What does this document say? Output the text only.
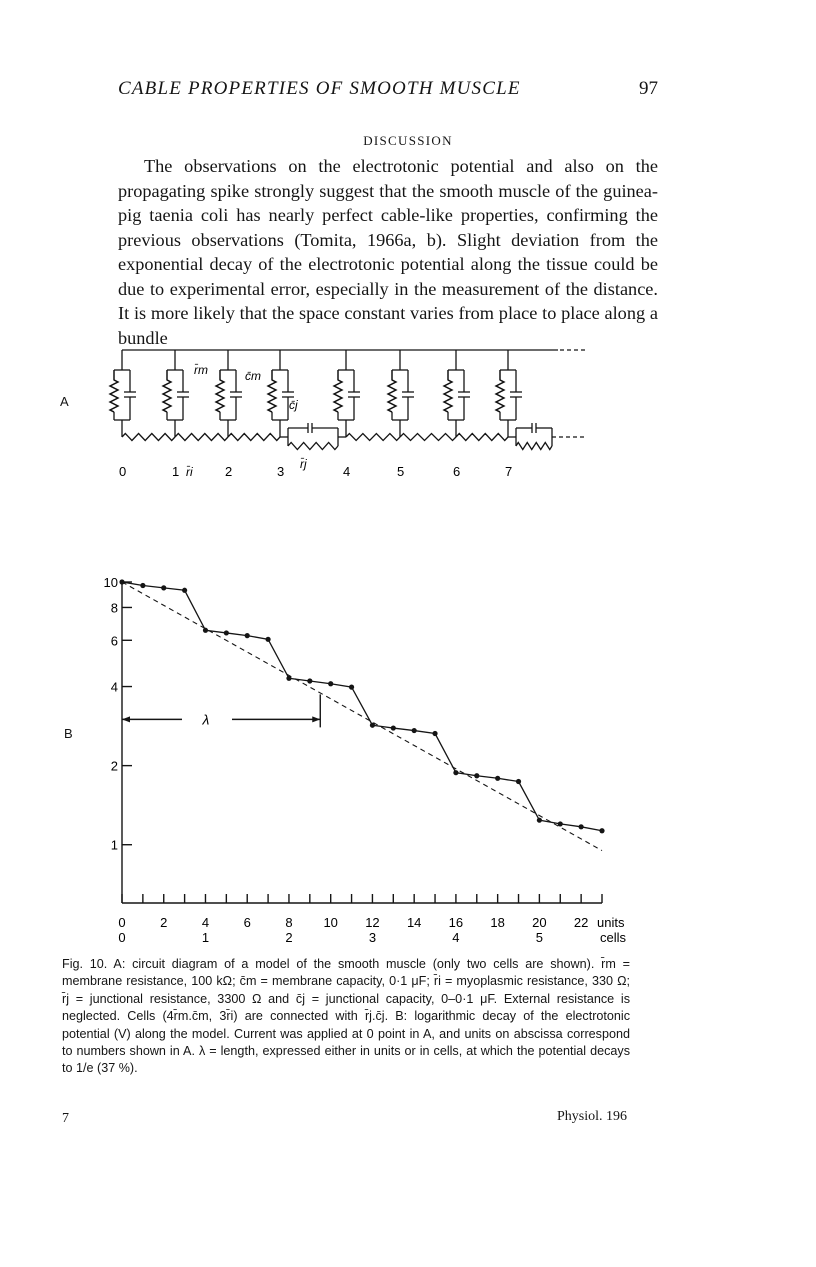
CABLE PROPERTIES OF SMOOTH MUSCLE	97
DISCUSSION

The observations on the electrotonic potential and also on the propagating spike strongly suggest that the smooth muscle of the guinea-pig taenia coli has nearly perfect cable-like properties, confirming the previous observations (Tomita, 1966a, b). Slight deviation from the exponential decay of the electrotonic potential along the tissue could be due to experimental error, especially in the measurement of the distance. It is more likely that the space constant varies from place to place along a bundle

A
B
0	1	2	3	4	5	6	7
r̄m	c̄m
c̄j
r̄i
r̄j
10
8
6
4
2
1
0	2	4	6	8 10 12 14 16 18 20 22
0	1	2	3	4	5
units
cells
λ

Fig. 10. A: circuit diagram of a model of the smooth muscle (only two cells are shown). r̄m = membrane resistance, 100 kΩ; c̄m = membrane capacity, 0·1 μF; r̄i = myoplasmic resistance, 330 Ω; r̄j = junctional resistance, 3300 Ω and c̄j = junctional capacity, 0–0·1 μF. External resistance is neglected. Cells (4r̄m.c̄m, 3r̄i) are connected with r̄j.c̄j. B: logarithmic decay of the electrotonic potential (V) along the model. Current was applied at 0 point in A, and units on abscissa correspond to numbers shown in A. λ = length, expressed either in units or in cells, at which the potential decays to 1/e (37 %).

7	Physiol. 196
